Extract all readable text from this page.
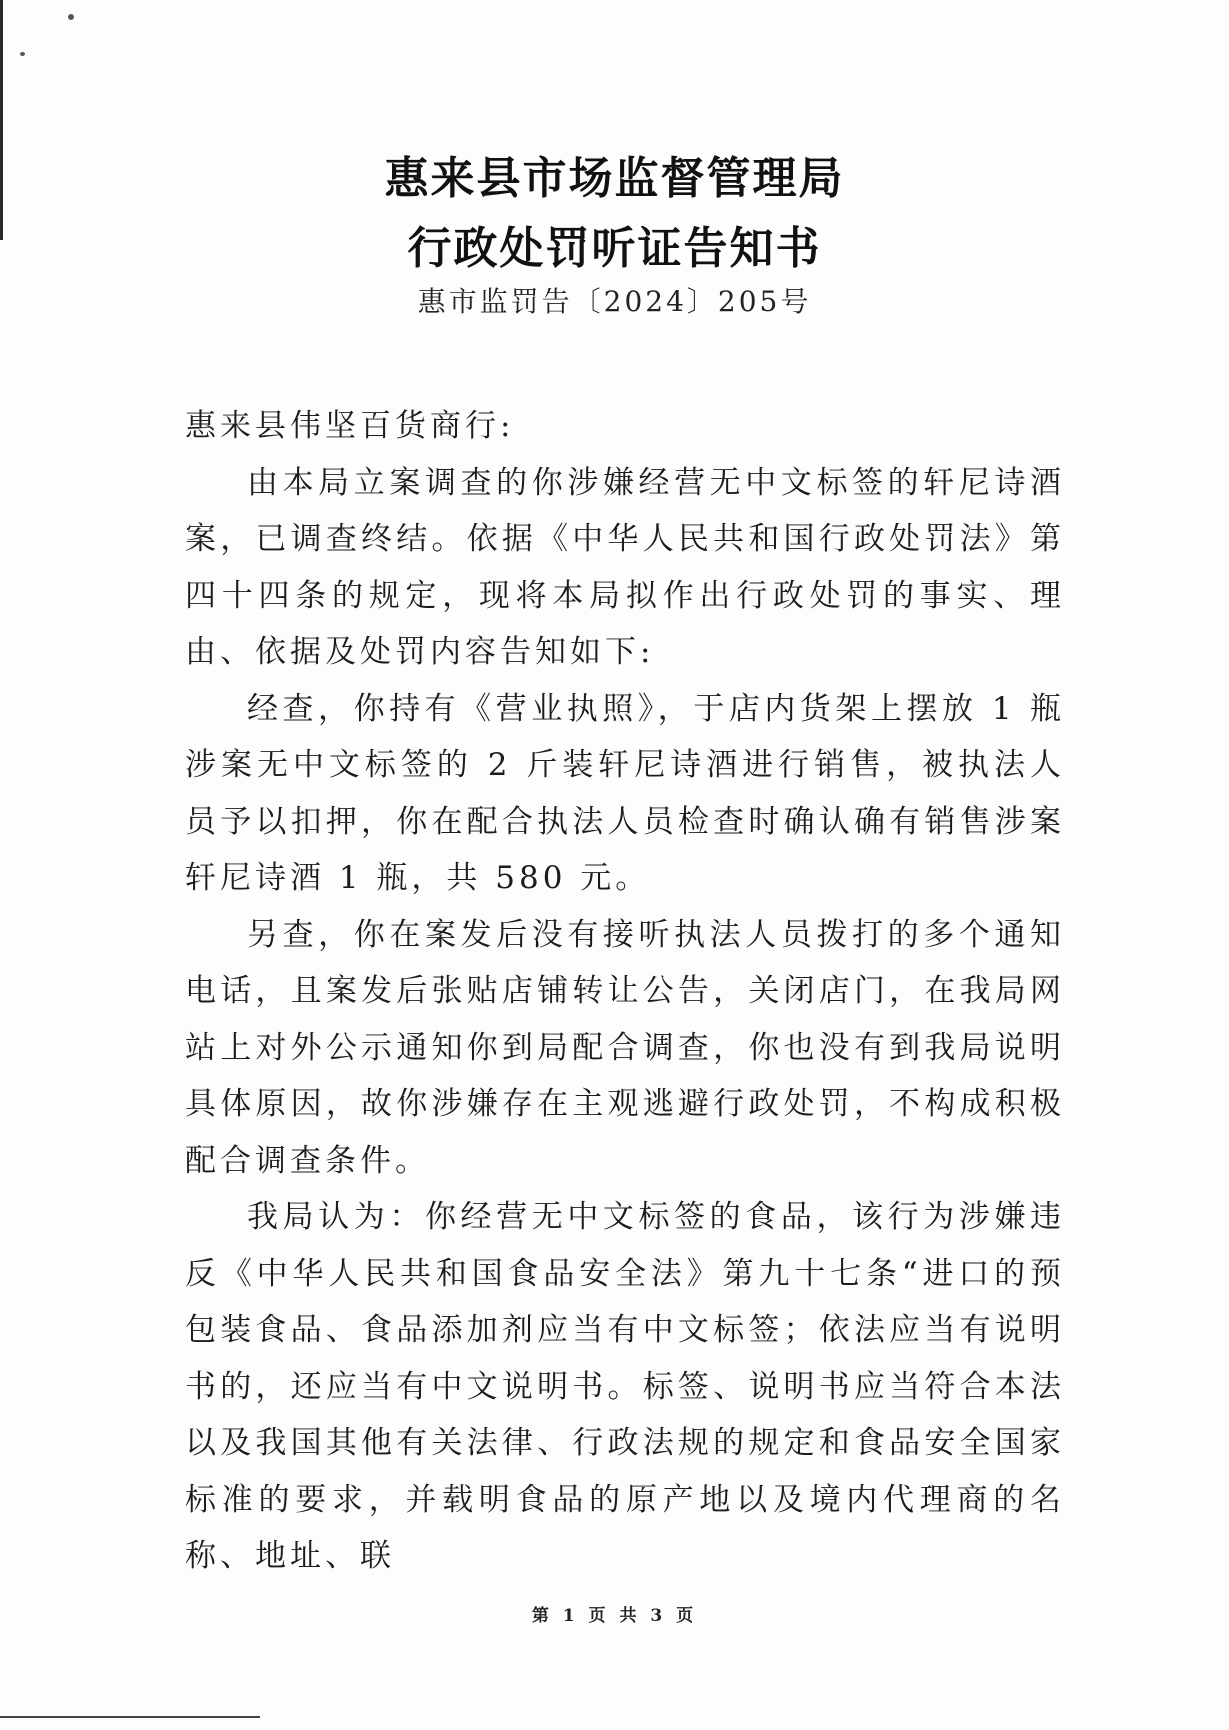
惠来县市场监督管理局
行政处罚听证告知书
惠市监罚告〔2024〕205号

惠来县伟坚百货商行:

由本局立案调查的你涉嫌经营无中文标签的轩尼诗酒案，已调查终结。依据《中华人民共和国行政处罚法》第四十四条的规定，现将本局拟作出行政处罚的事实、理由、依据及处罚内容告知如下:

经查，你持有《营业执照》，于店内货架上摆放 1 瓶涉案无中文标签的 2 斤装轩尼诗酒进行销售，被执法人员予以扣押，你在配合执法人员检查时确认确有销售涉案轩尼诗酒 1 瓶，共 580 元。

另查，你在案发后没有接听执法人员拨打的多个通知电话，且案发后张贴店铺转让公告，关闭店门，在我局网站上对外公示通知你到局配合调查，你也没有到我局说明具体原因，故你涉嫌存在主观逃避行政处罚，不构成积极配合调查条件。

我局认为：你经营无中文标签的食品，该行为涉嫌违反《中华人民共和国食品安全法》第九十七条“进口的预包装食品、食品添加剂应当有中文标签；依法应当有说明书的，还应当有中文说明书。标签、说明书应当符合本法以及我国其他有关法律、行政法规的规定和食品安全国家标准的要求，并载明食品的原产地以及境内代理商的名称、地址、联

第 1 页 共 3 页
